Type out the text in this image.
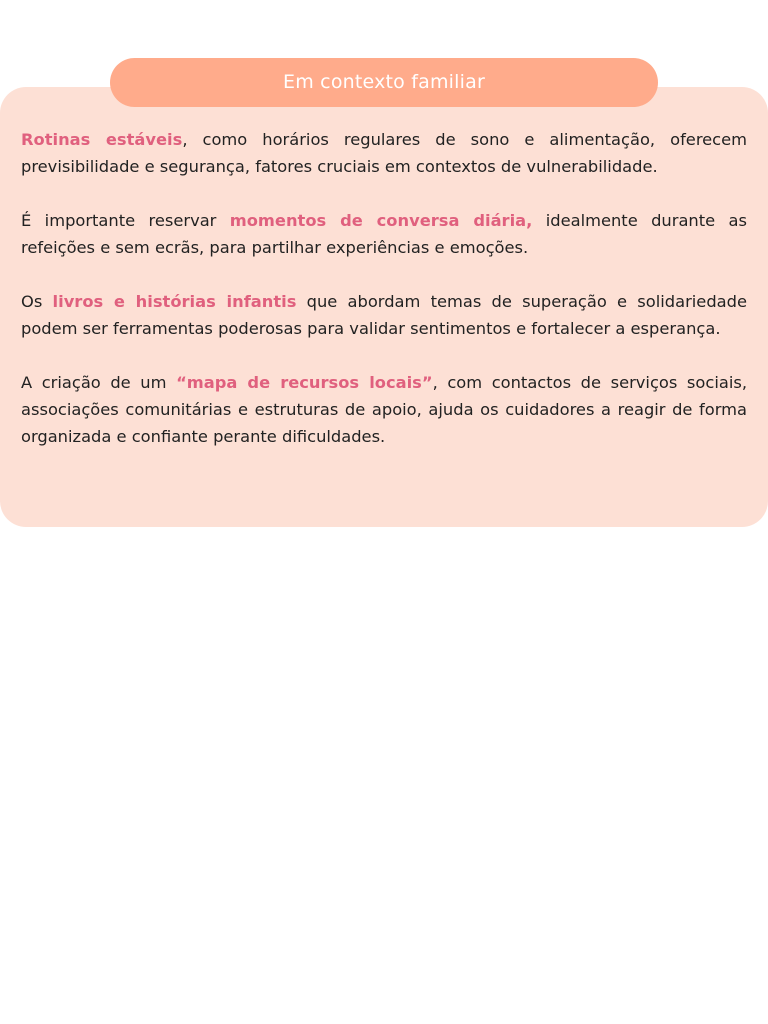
Em contexto familiar

Rotinas estáveis, como horários regulares de sono e alimentação, oferecem previsibilidade e segurança, fatores cruciais em contextos de vulnerabilidade.

É importante reservar momentos de conversa diária, idealmente durante as refeições e sem ecrãs, para partilhar experiências e emoções.

Os livros e histórias infantis que abordam temas de superação e solidariedade podem ser ferramentas poderosas para validar sentimentos e fortalecer a esperança.

A criação de um “mapa de recursos locais”, com contactos de serviços sociais, associações comunitárias e estruturas de apoio, ajuda os cuidadores a reagir de forma organizada e confiante perante dificuldades.
